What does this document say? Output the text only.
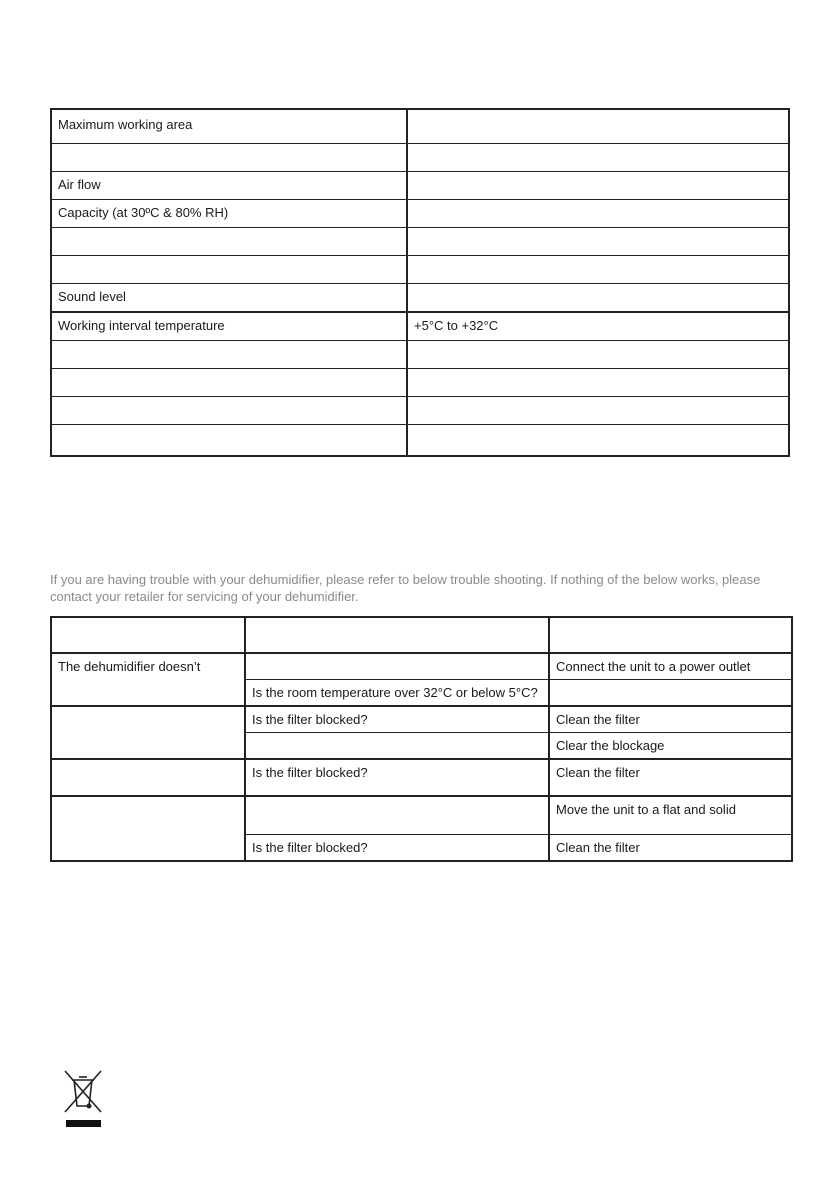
Maximum working area	

Air flow	
Capacity (at 30ºC & 80% RH)	

Sound level	
Working interval temperature	+5°C to +32°C

If you are having trouble with your dehumidifier, please refer to below trouble shooting. If nothing of the below works, please contact your retailer for servicing of your dehumidifier.

The dehumidifier doesn’t		Connect the unit to a power outlet
	Is the room temperature over 32°C or below 5°C?	
	Is the filter blocked?	Clean the filter
		Clear the blockage
	Is the filter blocked?	Clean the filter
		Move the unit to a flat and solid
	Is the filter blocked?	Clean the filter
